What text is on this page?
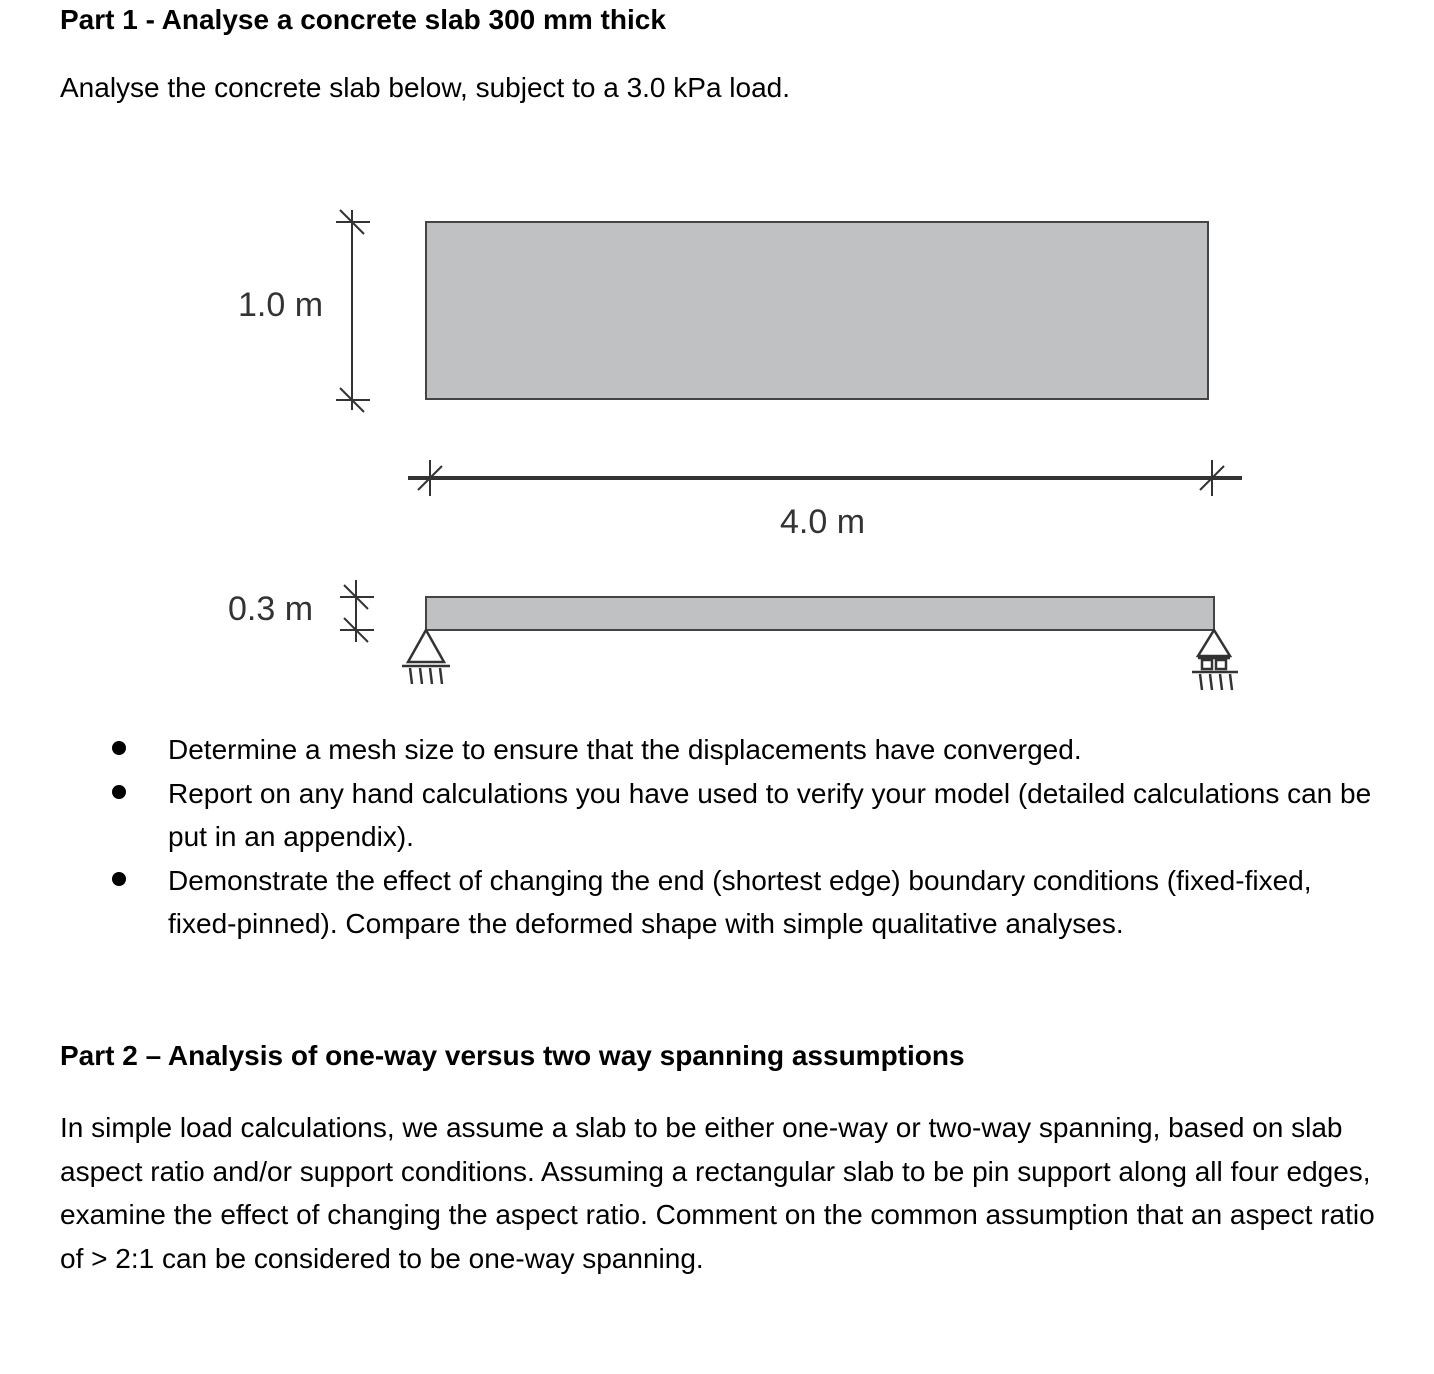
Part 1 - Analyse a concrete slab 300 mm thick

Analyse the concrete slab below, subject to a 3.0 kPa load.

1.0 m
4.0 m
0.3 m
Determine a mesh size to ensure that the displacements have converged.
Report on any hand calculations you have used to verify your model (detailed calculations can be put in an appendix).
Demonstrate the effect of changing the end (shortest edge) boundary conditions (fixed-fixed, fixed-pinned). Compare the deformed shape with simple qualitative analyses.
Part 2 – Analysis of one-way versus two way spanning assumptions

In simple load calculations, we assume a slab to be either one-way or two-way spanning, based on slab aspect ratio and/or support conditions. Assuming a rectangular slab to be pin support along all four edges, examine the effect of changing the aspect ratio. Comment on the common assumption that an aspect ratio of > 2:1 can be considered to be one-way spanning.
